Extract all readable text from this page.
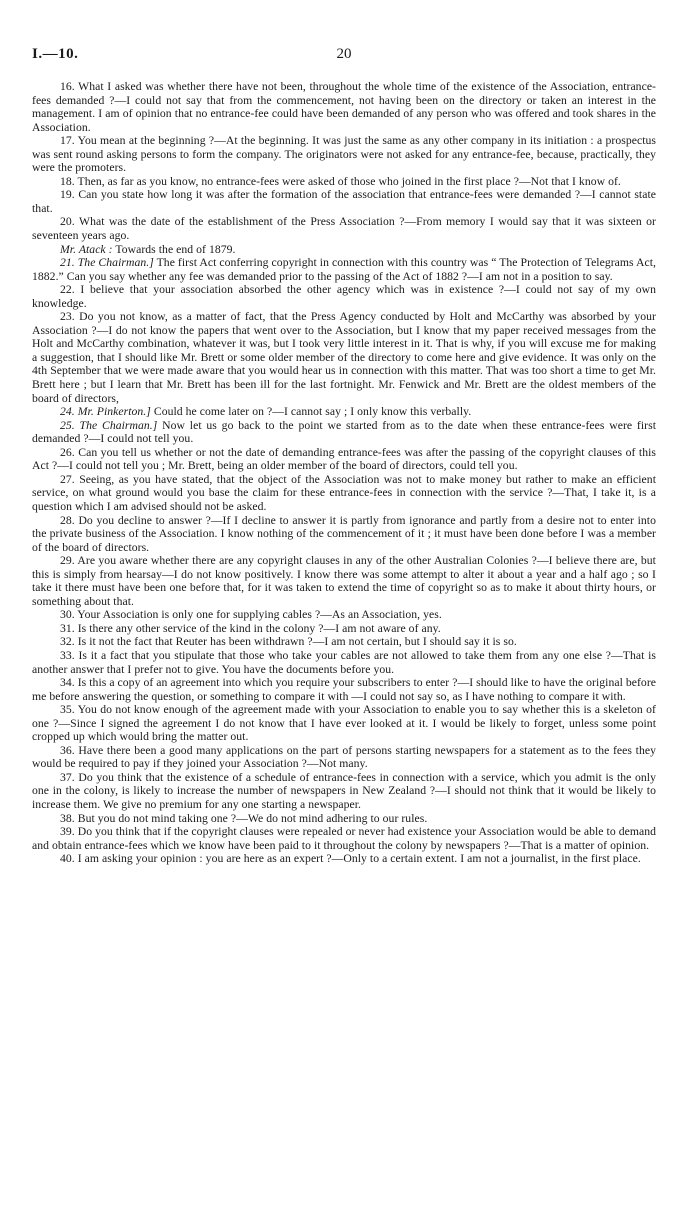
I.—10.	20

16. What I asked was whether there have not been, throughout the whole time of the existence of the Association, entrance-fees demanded ?—I could not say that from the commencement, not having been on the directory or taken an interest in the management. I am of opinion that no entrance-fee could have been demanded of any person who was offered and took shares in the Association.

17. You mean at the beginning ?—At the beginning. It was just the same as any other company in its initiation : a prospectus was sent round asking persons to form the company. The originators were not asked for any entrance-fee, because, practically, they were the promoters.

18. Then, as far as you know, no entrance-fees were asked of those who joined in the first place ?—Not that I know of.

19. Can you state how long it was after the formation of the association that entrance-fees were demanded ?—I cannot state that.

20. What was the date of the establishment of the Press Association ?—From memory I would say that it was sixteen or seventeen years ago.

Mr. Atack : Towards the end of 1879.

21. The Chairman.] The first Act conferring copyright in connection with this country was “ The Protection of Telegrams Act, 1882.” Can you say whether any fee was demanded prior to the passing of the Act of 1882 ?—I am not in a position to say.

22. I believe that your association absorbed the other agency which was in existence ?—I could not say of my own knowledge.

23. Do you not know, as a matter of fact, that the Press Agency conducted by Holt and McCarthy was absorbed by your Association ?—I do not know the papers that went over to the Association, but I know that my paper received messages from the Holt and McCarthy combination, whatever it was, but I took very little interest in it. That is why, if you will excuse me for making a suggestion, that I should like Mr. Brett or some older member of the directory to come here and give evidence. It was only on the 4th September that we were made aware that you would hear us in connection with this matter. That was too short a time to get Mr. Brett here ; but I learn that Mr. Brett has been ill for the last fortnight. Mr. Fenwick and Mr. Brett are the oldest members of the board of directors,

24. Mr. Pinkerton.] Could he come later on ?—I cannot say ; I only know this verbally.

25. The Chairman.] Now let us go back to the point we started from as to the date when these entrance-fees were first demanded ?—I could not tell you.

26. Can you tell us whether or not the date of demanding entrance-fees was after the passing of the copyright clauses of this Act ?—I could not tell you ; Mr. Brett, being an older member of the board of directors, could tell you.

27. Seeing, as you have stated, that the object of the Association was not to make money but rather to make an efficient service, on what ground would you base the claim for these entrance-fees in connection with the service ?—That, I take it, is a question which I am advised should not be asked.

28. Do you decline to answer ?—If I decline to answer it is partly from ignorance and partly from a desire not to enter into the private business of the Association. I know nothing of the commencement of it ; it must have been done before I was a member of the board of directors.

29. Are you aware whether there are any copyright clauses in any of the other Australian Colonies ?—I believe there are, but this is simply from hearsay—I do not know positively. I know there was some attempt to alter it about a year and a half ago ; so I take it there must have been one before that, for it was taken to extend the time of copyright so as to make it about thirty hours, or something about that.

30. Your Association is only one for supplying cables ?—As an Association, yes.

31. Is there any other service of the kind in the colony ?—I am not aware of any.

32. Is it not the fact that Reuter has been withdrawn ?—I am not certain, but I should say it is so.

33. Is it a fact that you stipulate that those who take your cables are not allowed to take them from any one else ?—That is another answer that I prefer not to give. You have the documents before you.

34. Is this a copy of an agreement into which you require your subscribers to enter ?—I should like to have the original before me before answering the question, or something to compare it with —I could not say so, as I have nothing to compare it with.

35. You do not know enough of the agreement made with your Association to enable you to say whether this is a skeleton of one ?—Since I signed the agreement I do not know that I have ever looked at it. I would be likely to forget, unless some point cropped up which would bring the matter out.

36. Have there been a good many applications on the part of persons starting newspapers for a statement as to the fees they would be required to pay if they joined your Association ?—Not many.

37. Do you think that the existence of a schedule of entrance-fees in connection with a service, which you admit is the only one in the colony, is likely to increase the number of newspapers in New Zealand ?—I should not think that it would be likely to increase them. We give no premium for any one starting a newspaper.

38. But you do not mind taking one ?—We do not mind adhering to our rules.

39. Do you think that if the copyright clauses were repealed or never had existence your Association would be able to demand and obtain entrance-fees which we know have been paid to it throughout the colony by newspapers ?—That is a matter of opinion.

40. I am asking your opinion : you are here as an expert ?—Only to a certain extent. I am not a journalist, in the first place.
